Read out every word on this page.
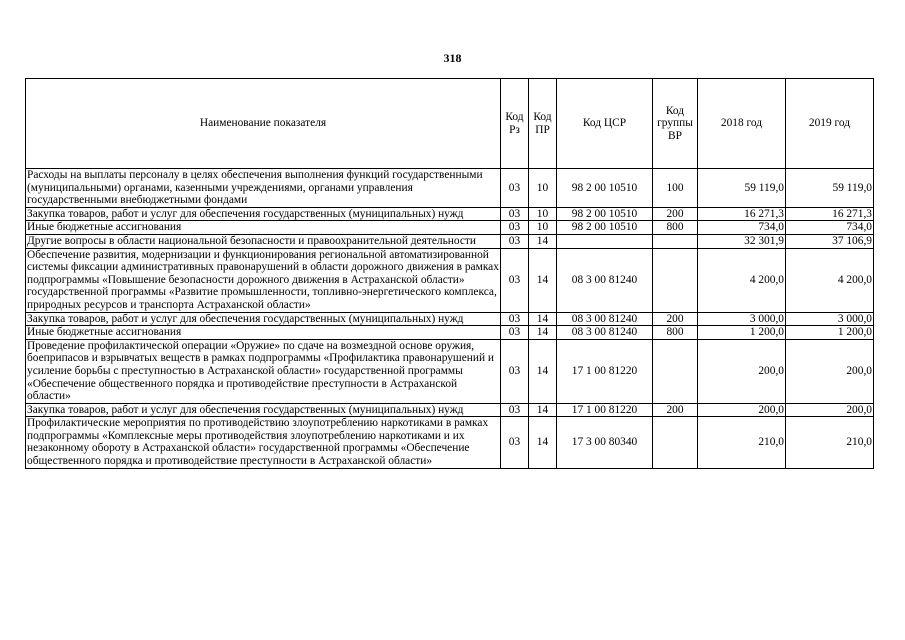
318
Наименование показателя	Код Рз	Код ПР	Код ЦСР	Код группы ВР	2018 год	2019 год
Расходы на выплаты персоналу в целях обеспечения выполнения функций государственными (муниципальными) органами, казенными учреждениями, органами управления государственными внебюджетными фондами	03	10	98 2 00 10510	100	59 119,0	59 119,0
Закупка товаров, работ и услуг для обеспечения государственных (муниципальных) нужд	03	10	98 2 00 10510	200	16 271,3	16 271,3
Иные бюджетные ассигнования	03	10	98 2 00 10510	800	734,0	734,0
Другие вопросы в области национальной безопасности и правоохранительной деятельности	03	14			32 301,9	37 106,9
Обеспечение развития, модернизации и функционирования региональной автоматизированной системы фиксации административных правонарушений в области дорожного движения в рамках подпрограммы «Повышение безопасности дорожного движения в Астраханской области» государственной программы «Развитие промышленности, топливно-энергетического комплекса, природных ресурсов и транспорта Астраханской области»	03	14	08 3 00 81240		4 200,0	4 200,0
Закупка товаров, работ и услуг для обеспечения государственных (муниципальных) нужд	03	14	08 3 00 81240	200	3 000,0	3 000,0
Иные бюджетные ассигнования	03	14	08 3 00 81240	800	1 200,0	1 200,0
Проведение профилактической операции «Оружие» по сдаче на возмездной основе оружия, боеприпасов и взрывчатых веществ в рамках подпрограммы «Профилактика правонарушений и усиление борьбы с преступностью в Астраханской области» государственной программы «Обеспечение общественного порядка и противодействие преступности в Астраханской области»	03	14	17 1 00 81220		200,0	200,0
Закупка товаров, работ и услуг для обеспечения государственных (муниципальных) нужд	03	14	17 1 00 81220	200	200,0	200,0
Профилактические мероприятия по противодействию злоупотреблению наркотиками в рамках подпрограммы «Комплексные меры противодействия злоупотреблению наркотиками и их незаконному обороту в Астраханской области» государственной программы «Обеспечение общественного порядка и противодействие преступности в Астраханской области»	03	14	17 3 00 80340		210,0	210,0
